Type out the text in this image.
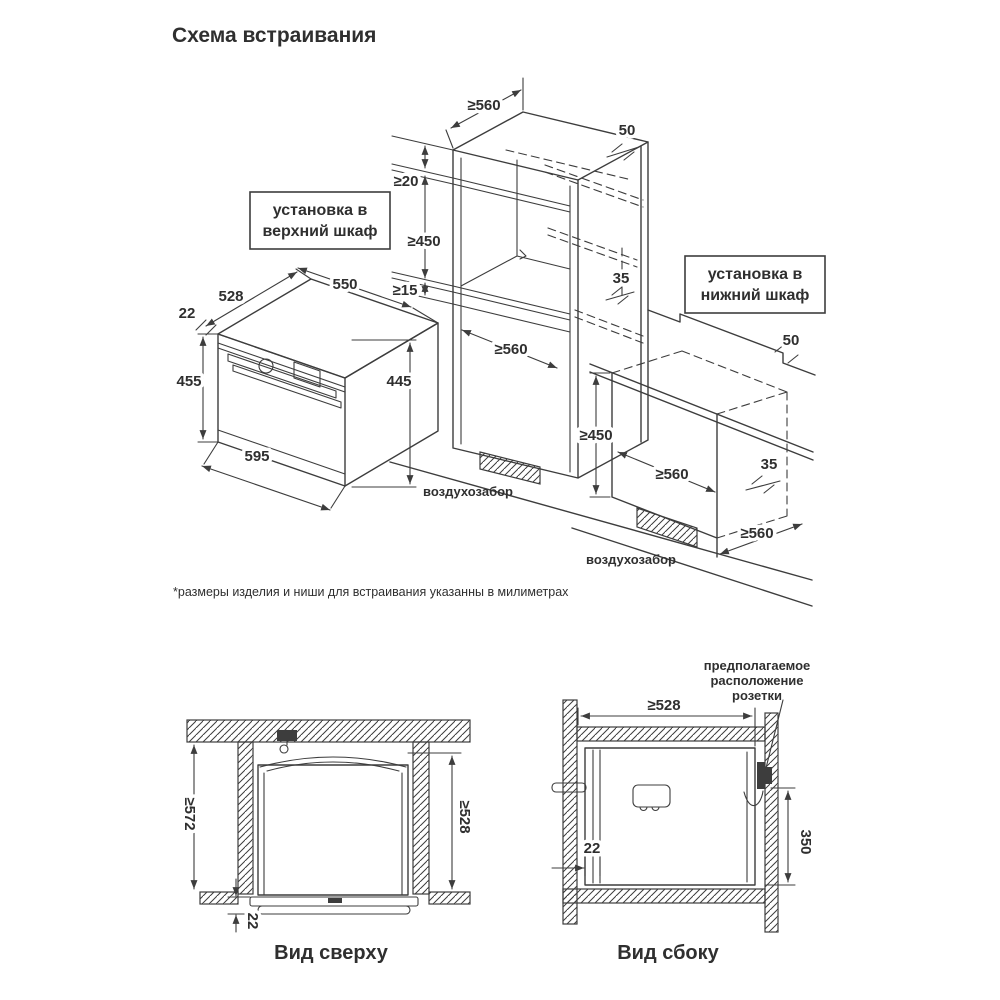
Схема встраивания
22
528
550
455	445
595
установка в
верхний шкаф
установка в
нижний шкаф
≥560
50
≥20
≥450
≥15
≥560
35
воздухозабор
50
≥450
≥560
35
≥560
воздухозабор
*размеры изделия и ниши для встраивания указанны в милиметрах
≥572	≥528
22
Вид сверху
≥528
22	350
предполагаемое
расположение
розетки
Вид сбоку
